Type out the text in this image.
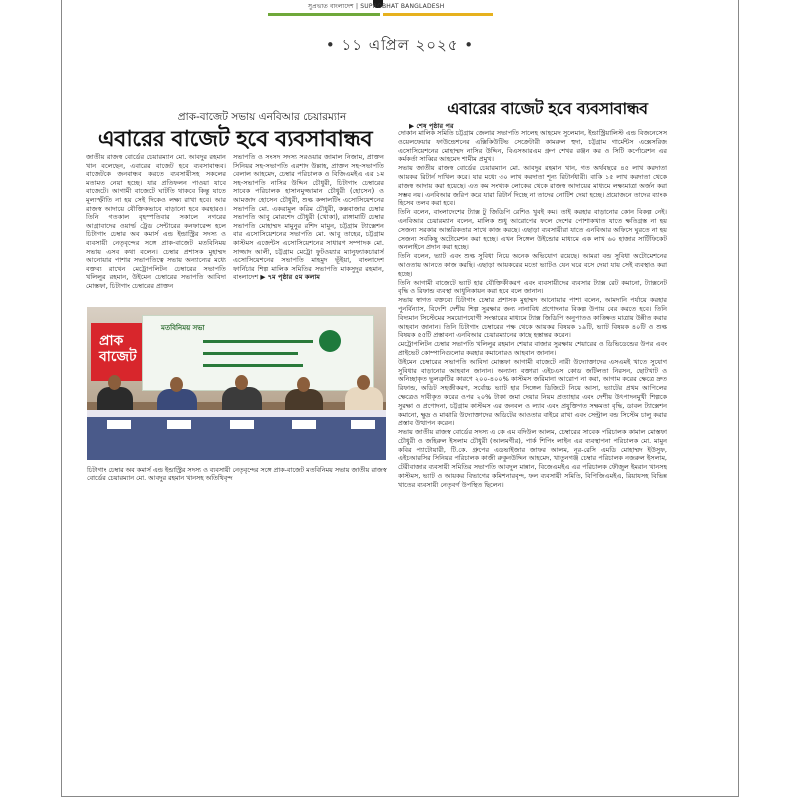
সুপ্রভাত বাংলাদেশ | SUPROBHAT BANGLADESH
• ১১ এপ্রিল ২০২৫ •
প্রাক-বাজেট সভায় এনবিআর চেয়ারম্যান
এবারের বাজেট হবে ব্যবসাবান্ধব
জাতীয় রাজস্ব বোর্ডের চেয়ারম্যান মো. আবদুর রহমান খান বলেছেন, এবারের বাজেট হবে ব্যবসাবান্ধব। বাজেটকে জনবান্ধব করতে ব্যবসায়ীসহ সকলের মতামত নেয়া হচ্ছে। যার প্রতিফলন পাওয়া যাবে বাজেটে। আগামী বাজেটে ঘাটতি থাকবে কিন্তু যাতে মূল্যস্ফীতি না হয় সেই দিকেও লক্ষ্য রাখা হবে। আর রাজস্ব আদায়ে যৌক্তিকভাবে বাড়ানো হবে করহারও। তিনি গতকাল বৃহস্পতিবার সকালে নগরের আগ্রাবাদের ওয়ার্ল্ড ট্রেড সেন্টারের কনফারেন্স হলে চিটাগাং চেম্বার অব কমার্স এন্ড ইন্ডাস্ট্রির সদস্য ও ব্যবসায়ী নেতৃবৃন্দের সঙ্গে প্রাক-বাজেট মতবিনিময় সভায় এসব কথা বলেন। চেম্বার প্রশাসক মুহাম্মদ আনোয়ার পাশার সভাপতিত্বে সভায় অন্যান্যের মধ্যে বক্তব্য রাখেন মেট্রোপলিটন চেম্বারের সভাপতি খলিলুর রহমান, উইমেন চেম্বারের সভাপতি আবিদা মোস্তফা, চিটাগাং চেম্বারের প্রাক্তন
সভাপতি ও সংসদ সদস্য সরওয়ার জামাল নিজাম, প্রাক্তন সিনিয়র সহ-সভাপতি এরশাদ উল্লাহ, প্রাক্তন সহ-সভাপতি বেলাল আহমেদ, চেম্বার পরিচালক ও বিজিএমইএ এর ১ম সহ-সভাপতি নাসির উদ্দিন চৌধুরী, চিটাগাং চেম্বারের সাবেক পরিচালক হাসানমুজ্জামান চৌধুরী (হোসেন) ও আমজাদ হোসেন চৌধুরী, শুল্ক কন্সালটিং এসোসিয়েশনের সভাপতি মো. একরামুল করিম চৌধুরী, কক্সবাজার চেম্বার সভাপতি আবু মোরশেদ চৌধুরী (খোকা), রাঙ্গামাটি চেম্বার সভাপতি মোহাম্মদ মামুনুর রশিদ মামুন, চট্টগ্রাম ট্যাক্সেশন বার এসোসিয়েশনের সভাপতি মো. আবু তাহের, চট্টগ্রাম কাস্টমস এজেন্টস এসোসিয়েশনের সাধারণ সম্পাদক মো. সাজ্জাদ আলী, চট্টগ্রাম মেট্রো ফুটওয়্যার ম্যানুফ্যাকচারার্স এসোসিয়েশনের সভাপতি মাহমুদ ভূঁইয়া, বাংলাদেশ ফার্নিচার শিল্প মালিক সমিতির সভাপতি মাকসুদুর রহমান, বাংলাদেশ ▶ ৭ম পৃষ্ঠার ৫ম কলাম
প্রাক
বাজেট
মতবিনিময় সভা
চিটাগাং চেম্বার অব কমার্স এন্ড ইন্ডাস্ট্রির সদস্য ও ব্যবসায়ী নেতৃবৃন্দের সঙ্গে প্রাক-বাজেট মতবিনিময় সভায় জাতীয় রাজস্ব বোর্ডের চেয়ারম্যান মো. আবদুর রহমান খানসহ অতিথিবৃন্দ
এবারের বাজেট হবে ব্যবসাবান্ধব
▶ শেষ পৃষ্ঠার পর

দোকান মালিক সমিতি চট্টগ্রাম জেলার সভাপতি সালেহ আহমেদ সুলেমান, ইন্ডাস্ট্রিয়ালিস্ট এন্ড বিজনেসেস ওয়েলফেয়ার ফাউন্ডেশনের এক্সিকিউটিভ সেক্রেটারী কামরুল হুদা, চট্টগ্রাম গার্মেন্টস এক্সেসরিজ এসোসিয়েশনের মোহাম্মদ নাসির উদ্দিন, বিএসআরএম গ্রুপ শেখর রঞ্জন কর ও সিটি কর্পোরেশন এর কর্মকর্তা সাব্বির আহমেদ শামীম প্রমুখ।

সভায় জাতীয় রাজস্ব বোর্ডের চেয়ারম্যান মো. আবদুর রহমান খান, গত অর্থবছরে ৪৫ লাখ করদাতা আয়কর রিটার্ন দাখিল করে। যার মধ্যে ৩০ লাখ করদাতা শূন্য রিটার্নধারী। বাকি ১৫ লাখ করদাতা থেকে রাজস্ব আদায় করা হয়েছে। এত কম সংখ্যক লোকের থেকে রাজস্ব আদায়ের মাধ্যমে লক্ষ্যমাত্রা অর্জন করা সম্ভব নয়। এনবিআর জরিপ করে যারা রিটার্ন দিচ্ছে না তাদের নোটিশ দেয়া হচ্ছে। প্রয়োজনে তাদের ব্যাংক হিসেব তলব করা হবে।

তিনি বলেন, বাংলাদেশের ট্যাক্স টু জিডিপি রেশিও খুবই কম। তাই করহার বাড়ানোর কোন বিকল্প নেই। এনবিআর চেয়ারম্যান বলেন, মালিক শুধু আরোপের ফলে দেশের পোশাকখাত যাতে ক্ষতিগ্রস্ত না হয় সেজন্য সরকার আন্তরিকতার সাথে কাজ করছে। এছাড়া ব্যবসায়ীরা যাতে এনবিআর অফিসে ঘুরতে না হয় সেজন্য সবকিছু অটোমেশন করা হচ্ছে। এখন সিঙ্গেল উইন্ডোর মাধ্যমে এক লাখ ৬০ হাজার সার্টিফিকেট অনলাইনে প্রদান করা হচ্ছে।

তিনি বলেন, ভ্যাট এবং শুল্ক সুবিধা নিয়ে অনেক অভিযোগ রয়েছে। আমরা বন্ড সুবিধা অটোমেশনের আওতায় আনতে কাজ করছি। এছাড়া আয়করের মতো ভ্যাটও যেন ঘরে বসে দেয়া যায় সেই ব্যবস্থাও করা হচ্ছে।

তিনি আগামী বাজেটে ভ্যাট হার যৌক্তিকীকরণ এবং ব্যবসায়ীদের ব্যবসার ট্যাক্স রেট কমানো, ট্যাক্সনেট বৃদ্ধি ও রিফান্ড ব্যবস্থা আধুনিকায়ন করা হবে বলে জানান।

সভায় স্বাগত বক্তব্যে চিটাগাং চেম্বার প্রশাসক মুহাম্মদ আনোয়ার পাশা বলেন, আমদানি পর্যায়ে করহার পুনর্বিন্যাস, বিদেশি দেশীয় শিল্প সুরক্ষার জন্য নানাবিধ প্রণোদনার বিকল্প উপায় বের করতে হবে। তিনি বিদ্যমান সিস্টেমের সময়োপযোগী সংস্কারের মাধ্যমে ট্যাক্স জিডিপি অনুপাতও কাঙ্ক্ষিত মাত্রায় উন্নীত করার আহবান জানান। তিনি চিটাগাং চেম্বারের পক্ষ থেকে আয়কর বিষয়ক ১৯টি, ভ্যাট বিষয়ক ৪০টি ও শুল্ক বিষয়ক ৫৫টি প্রস্তাবনা এনবিআর চেয়ারম্যানের কাছে হস্তান্তর করেন।

মেট্রোপলিটন চেম্বার সভাপতি খলিলুর রহমান শেয়ার বাজার সুরক্ষায় শেয়ারের ও ডিভিডেন্ডের উপর এবং প্রাইভেট কোম্পানিগুলোর করহার কমানোরও আহবান জানান।

উইমেন চেম্বারের সভাপতি আবিদা মোস্তফা আগামী বাজেটে নারী উদ্যোক্তাদের এসএমই খাতে সুযোগ সুবিধার বাড়ানোর আহবান জানান। অন্যান্য বক্তারা এইচএস কোড জটিলতা নিরসন, ছোটখাট ও অনিচ্ছাকৃত ভুলত্রুটির কারণে ২০০-৪০০% কাস্টমস জরিমানা আরোপ না করা, আগাম করের ক্ষেত্রে দ্রুত রিফান্ড, অডিট সহজীকরণ, সর্বোচ্চ ভ্যাট হার সিঙ্গেল ডিজিটে নিয়ে আসা, ভ্যাটের প্রথম আপিলের ক্ষেত্রেও দাবীকৃত করের ওপর ২০% টাকা জমা দেয়ার নিয়ম প্রত্যাহার এবং দেশীয় উৎপাদনমুখী শিল্পকে সুরক্ষা ও প্রণোদনা, চট্টগ্রাম কাস্টমস এর জনবল ও ল্যাব এবং প্রযুক্তিগত সক্ষমতা বৃদ্ধি, ডাবল ট্যাক্সেশন কমানো, ক্ষুদ্র ও মাঝারি উদ্যোক্তাদের অডিটের আওতার বাইরে রাখা এবং সেন্ট্রাল বন্ড সিস্টেম চালু করার প্রস্তাব উত্থাপন করেন।

সভায় জাতীয় রাজস্ব বোর্ডের সদস্য এ কে এম বদিউল আলম, চেম্বারের সাবেক পরিচালক কামাল মোস্তফা চৌধুরী ও জহিরুল ইসলাম চৌধুরী (আলমগীর), পার্ক শিপিং লাইন এর ব্যবস্থাপনা পরিচালক মো. মামুন কবির প্যাটোয়ারী, টি.কে. গ্রুপের এডভাইজার জাফর আলম, নূর-রেসি এমডি মোহাম্মদ ইউসুফ, এইচআরসির সিনিয়র পরিচালক কাজী রুকুনউদ্দিন আহমেদ, খাতুনগঞ্জ চেম্বার পরিচালক নজরুল ইসলাম, টেরীবাজার ব্যবসায়ী সমিতির সভাপতি আবদুল মান্নান, বিজেএমইএ এর পরিচালক ফৌজুল ইমরান খানসহ কাস্টমস, ভ্যাট ও আয়কর বিভাগের কমিশনারবৃন্দ, ফল ব্যবসায়ী সমিতি, বিপিজিএমইএ, রিয়াযসহ বিভিন্ন খাতের ব্যবসায়ী নেতৃবর্গ উপস্থিত ছিলেন।
